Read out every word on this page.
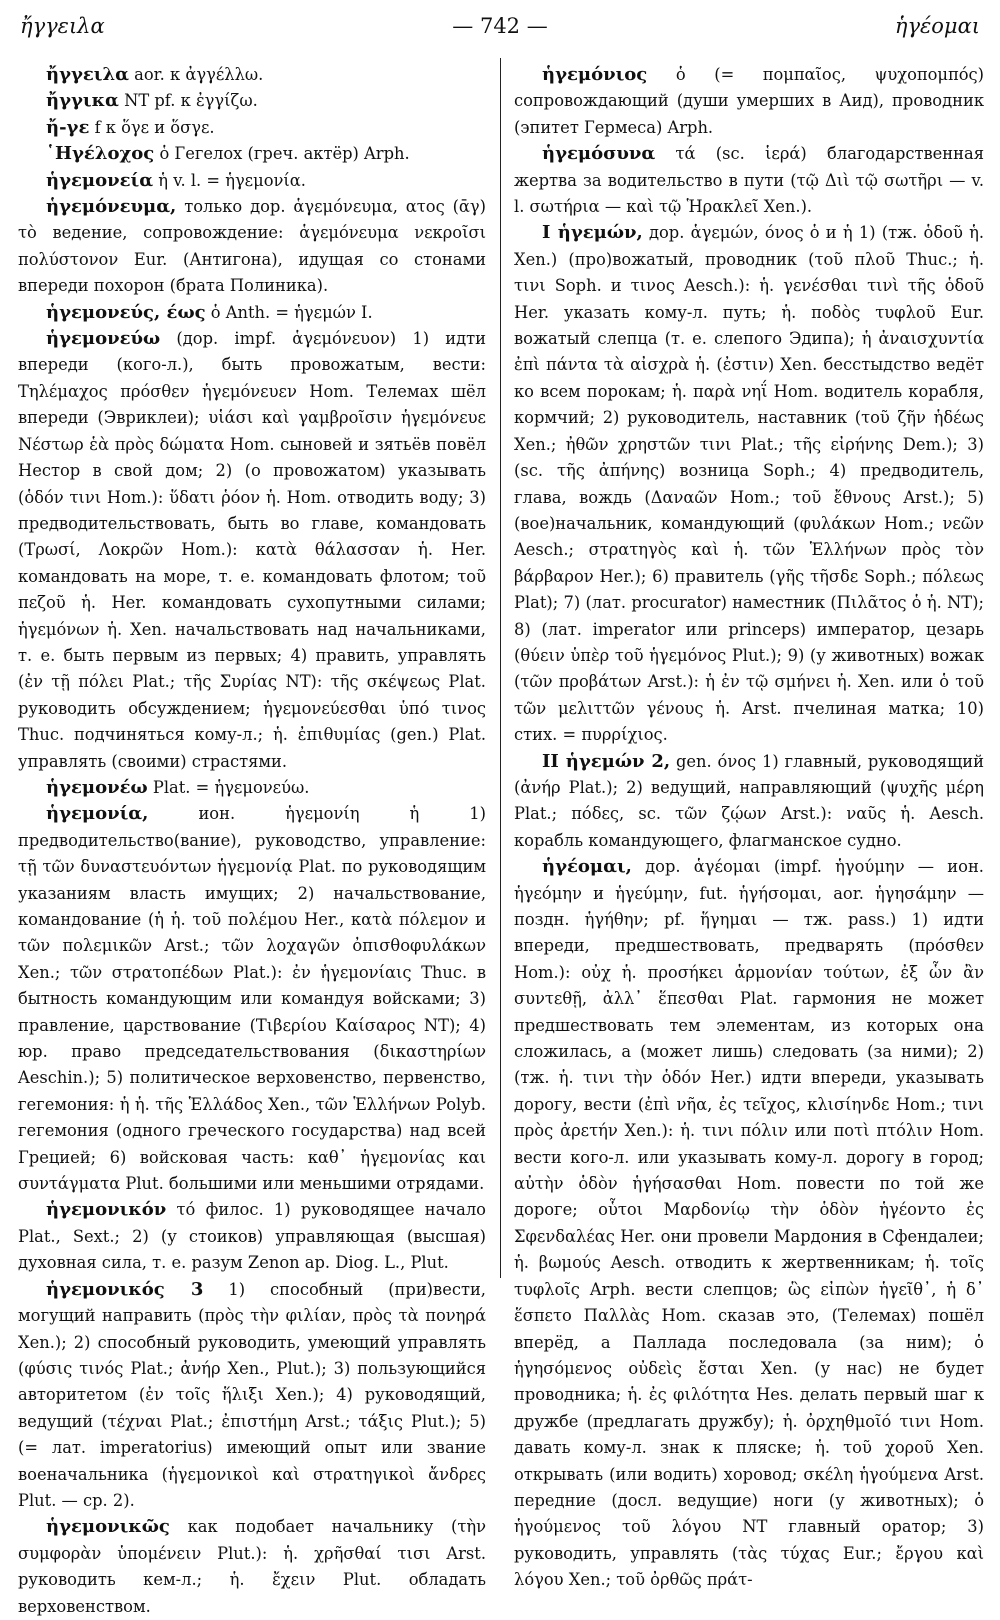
ἤγγειλα	— 742 —	ἡγέομαι

ἤγγειλα aor. к ἀγγέλλω.

ἤγγικα NT pf. к ἐγγίζω.

ἤ-γε f к ὅγε и ὅσγε.

῾Ηγέλοχος ὁ Гегелох (греч. актёр) Arph.

ἡγεμονεία ἡ v. l. = ἡγεμονία.

ἡγεμόνευμα, только дор. ἁγεμόνευμα, ατος (ᾱγ) τὸ ведение, сопровождение: ἁγεμόνευμα νεκροῖσι πολύστονον Eur. (Антигона), идущая со стонами впереди похорон (брата Полиника).

ἡγεμονεύς, έως ὁ Anth. = ἡγεμών I.

ἡγεμονεύω (дор. impf. ἁγεμόνευον) 1) идти впереди (кого-л.), быть провожатым, вести: Τηλέμαχος πρόσθεν ἡγεμόνευεν Hom. Телемах шёл впереди (Эвриклеи); υἱάσι καὶ γαμβροῖσιν ἡγεμόνευε Νέστωρ ἑὰ πρὸς δώματα Hom. сыновей и зятьёв повёл Нестор в свой дом; 2) (о провожатом) указывать (ὁδόν τινι Hom.): ὕδατι ῥόον ἡ. Hom. отводить воду; 3) предводительствовать, быть во главе, командовать (Τρωσί, Λοκρῶν Hom.): κατὰ θάλασσαν ἡ. Her. командовать на море, т. е. командовать флотом; τοῦ πεζοῦ ἡ. Her. командовать сухопутными силами; ἡγεμόνων ἡ. Xen. начальствовать над начальниками, т. е. быть первым из первых; 4) править, управлять (ἐν τῇ πόλει Plat.; τῆς Συρίας NT): τῆς σκέψεως Plat. руководить обсуждением; ἡγεμονεύεσθαι ὑπό τινος Thuc. подчиняться кому-л.; ἡ. ἐπιθυμίας (gen.) Plat. управлять (своими) страстями.

ἡγεμονέω Plat. = ἡγεμονεύω.

ἡγεμονία,	ион. ἡγεμονίη ἡ 1) предводительство(вание), руководство, управление: τῇ τῶν δυναστευόντων ἡγεμονίᾳ Plat. по руководящим указаниям власть имущих; 2) начальствование, командование (ἡ ἡ. τοῦ πολέμου Her., κατὰ πόλεμον и τῶν πολεμικῶν Arst.; τῶν λοχαγῶν ὀπισθοφυλάκων Xen.; τῶν στρατοπέδων Plat.): ἐν ἡγεμονίαις Thuc. в бытность командующим или командуя войсками; 3) правление, царствование (Τιβερίου Καίσαρος NT); 4) юр. право председательствования (δικαστηρίων Aeschin.); 5) политическое верховенство, первенство, гегемония: ἡ ἡ. τῆς Ἑλλάδος Xen., τῶν Ἑλλήνων Polyb. гегемония (одного греческого государства) над всей Грецией; 6) войсковая часть: καθ᾽ ἡγεμονίας και συντάγματα Plut. большими или меньшими отрядами.

ἡγεμονικόν τό филос. 1) руководящее начало Plat., Sext.; 2) (у стоиков) управляющая (высшая) духовная сила, т. е. разум Zenon ap. Diog. L., Plut.

ἡγεμονικός 3 1) способный (при)вести, могущий направить (πρὸς τὴν φιλίαν, πρὸς τὰ πονηρά Xen.); 2) способный руководить, умеющий управлять (φύσις τινός Plat.; ἀνήρ Xen., Plut.); 3) пользующийся авторитетом (ἐν τοῖς ἥλιξι Xen.); 4) руководящий, ведущий (τέχναι Plat.; ἐπιστήμη Arst.; τάξις Plut.); 5) (= лат. imperatorius) имеющий опыт или звание военачальника (ἡγεμονικοὶ καὶ στρατηγικοὶ ἄνδρες Plut. — ср. 2).

ἡγεμονικῶς как подобает начальнику (τὴν συμφορὰν ὑπομένειν Plut.): ἡ. χρῆσθαί τισι Arst. руководить кем-л.; ἡ. ἔχειν Plut. обладать верховенством.

ἡγεμόνιος ὁ (= πομπαῖος, ψυχοπομπός) сопровождающий (души умерших в Аид), проводник (эпитет Гермеса) Arph.

ἡγεμόσυνα τά (sc. ἱερά) благодарственная жертва за водительство в пути (τῷ Διὶ τῷ σωτῆρι — v. l. σωτήρια — καὶ τῷ Ἡρακλεῖ Xen.).

I ἡγεμών, дор. ἁγεμών, όνος ὁ и ἡ 1) (тж. ὁδοῦ ἡ. Xen.) (про)вожатый, проводник (τοῦ πλοῦ Thuc.; ἡ. τινι Soph. и τινος Aesch.): ἡ. γενέσθαι τινὶ τῆς ὁδοῦ Her. указать кому-л. путь; ἡ. ποδὸς τυφλοῦ Eur. вожатый слепца (т. е. слепого Эдипа); ἡ ἀναισχυντία ἐπὶ πάντα τὰ αἰσχρὰ ἡ. (ἐστιν) Xen. бесстыдство ведёт ко всем порокам; ἡ. παρὰ νηΐ Hom. водитель корабля, кормчий; 2) руководитель, наставник (τοῦ ζῆν ἡδέως Xen.; ἠθῶν χρηστῶν τινι Plat.; τῆς εἰρήνης Dem.); 3) (sc. τῆς ἀπήνης) возница Soph.; 4) предводитель, глава, вождь (Δαναῶν Hom.; τοῦ ἔθνους Arst.); 5) (вое)начальник, командующий (φυλάκων Hom.; νεῶν Aesch.; στρατηγὸς καὶ ἡ. τῶν Ἑλλήνων πρὸς τὸν βάρβαρον Her.); 6) правитель (γῆς τῆσδε Soph.; πόλεως Plat); 7) (лат. procurator) наместник (Πιλᾶτος ὁ ἡ. NT); 8) (лат. imperator или princeps) император, цезарь (θύειν ὑπὲρ τοῦ ἡγεμόνος Plut.); 9) (у животных) вожак (τῶν προβάτων Arst.): ἡ ἐν τῷ σμήνει ἡ. Xen. или ὁ τοῦ τῶν μελιττῶν γένους ἡ. Arst. пчелиная матка; 10) стих. = πυρρίχιος.

II ἡγεμών 2, gen. όνος 1) главный, руководящий (ἀνήρ Plat.); 2) ведущий, направляющий (ψυχῆς μέρη Plat.; πόδες, sc. τῶν ζῴων Arst.): ναῦς ἡ. Aesch. корабль командующего, флагманское судно.

ἡγέομαι, дор. ἁγέομαι (impf. ἡγούμην — ион. ἡγεόμην и ἡγεύμην, fut. ἡγήσομαι, aor. ἡγησάμην — поздн. ἡγήθην; pf. ἥγημαι — тж. pass.) 1) идти впереди, предшествовать, предварять (πρόσθεν Hom.): οὐχ ἡ. προσήκει ἁρμονίαν τούτων, ἐξ ὧν ἂν συντεθῇ, ἀλλ᾽ ἕπεσθαι Plat. гармония не может предшествовать тем элементам, из которых она сложилась, а (может лишь) следовать (за ними); 2) (тж. ἡ. τινι τὴν ὁδόν Her.) идти впереди, указывать дорогу, вести (ἐπὶ νῆα, ἐς τεῖχος, κλισίηνδε Hom.; τινι πρὸς ἀρετήν Xen.): ἡ. τινι πόλιν или ποτὶ πτόλιν Hom. вести кого-л. или указывать кому-л. дорогу в город; αὐτὴν ὁδὸν ἡγήσασθαι Hom. повести по той же дороге; οὗτοι Μαρδονίῳ τὴν ὁδὸν ἡγέοντο ἐς Σφενδαλέας Her. они провели Мардония в Сфендалеи; ἡ. βωμούς Aesch. отводить к жертвенникам; ἡ. τοῖς τυφλοῖς Arph. вести слепцов; ὣς εἰπὼν ἡγεῖθ᾽, ἡ δ᾽ ἕσπετο Παλλὰς Hom. сказав это, (Телемах) пошёл вперёд, а Паллада последовала (за ним); ὁ ἡγησόμενος οὐδεὶς ἔσται Xen. (у нас) не будет проводника; ἡ. ἐς φιλότητα Hes. делать первый шаг к дружбе (предлагать дружбу); ἡ. ὀρχηθμοῖό τινι Hom. давать кому-л. знак к пляске; ἡ. τοῦ χοροῦ Xen. открывать (или водить) хоровод; σκέλη ἡγούμενα Arst. передние (досл. ведущие) ноги (у животных); ὁ ἡγούμενος τοῦ λόγου NT главный оратор; 3) руководить, управлять (τὰς τύχας Eur.; ἔργου καὶ λόγου Xen.; τοῦ ὀρθῶς πράτ-
